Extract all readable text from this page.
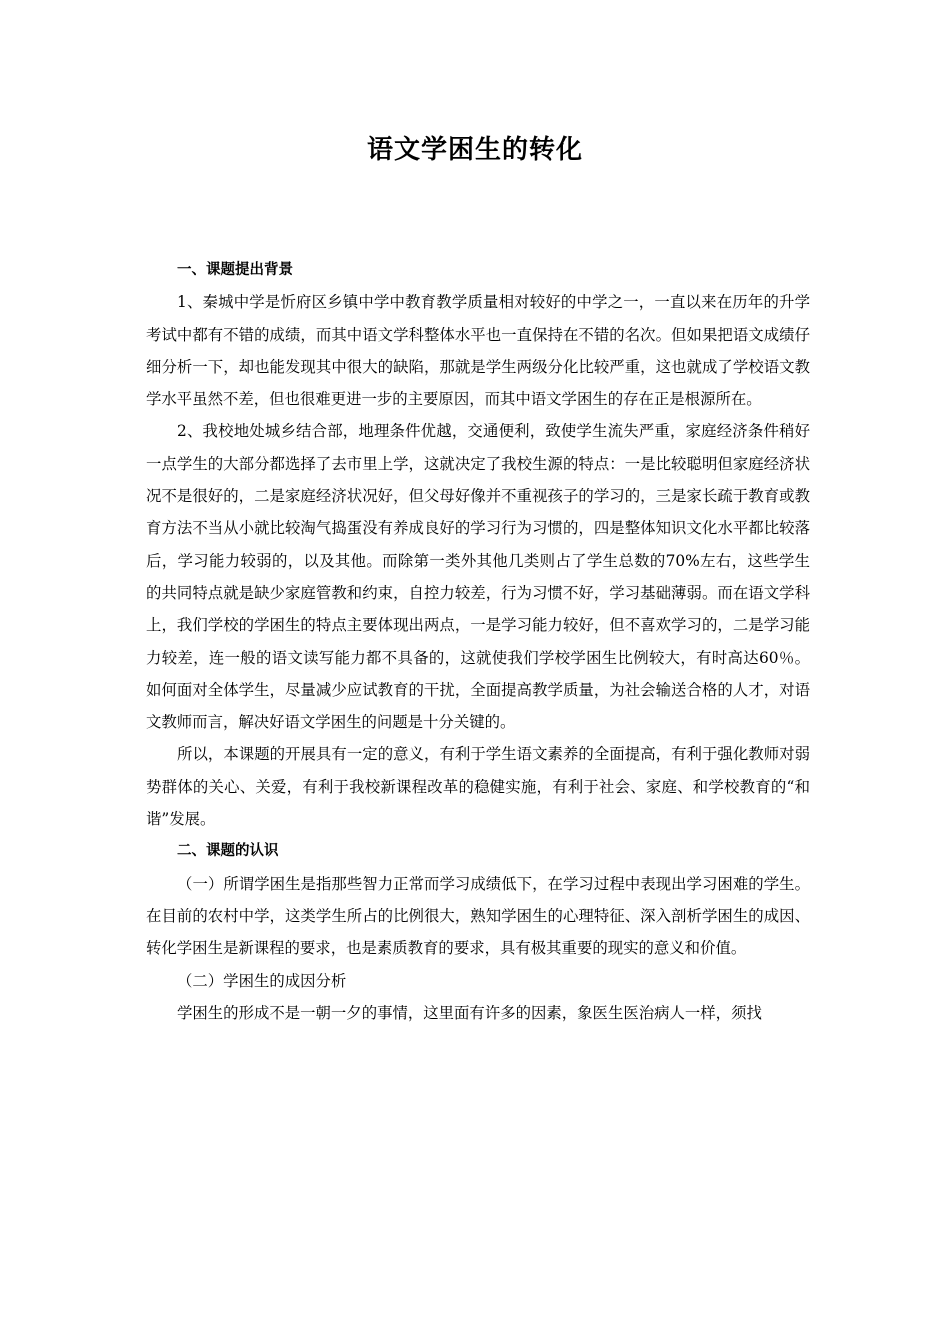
语文学困生的转化

一、课题提出背景

1、秦城中学是忻府区乡镇中学中教育教学质量相对较好的中学之一，一直以来在历年的升学考试中都有不错的成绩，而其中语文学科整体水平也一直保持在不错的名次。但如果把语文成绩仔细分析一下，却也能发现其中很大的缺陷，那就是学生两级分化比较严重，这也就成了学校语文教学水平虽然不差，但也很难更进一步的主要原因，而其中语文学困生的存在正是根源所在。

2、我校地处城乡结合部，地理条件优越，交通便利，致使学生流失严重，家庭经济条件稍好一点学生的大部分都选择了去市里上学，这就决定了我校生源的特点：一是比较聪明但家庭经济状况不是很好的，二是家庭经济状况好，但父母好像并不重视孩子的学习的，三是家长疏于教育或教育方法不当从小就比较淘气捣蛋没有养成良好的学习行为习惯的，四是整体知识文化水平都比较落后，学习能力较弱的，以及其他。而除第一类外其他几类则占了学生总数的70%左右，这些学生的共同特点就是缺少家庭管教和约束，自控力较差，行为习惯不好，学习基础薄弱。而在语文学科上，我们学校的学困生的特点主要体现出两点，一是学习能力较好，但不喜欢学习的，二是学习能力较差，连一般的语文读写能力都不具备的，这就使我们学校学困生比例较大，有时高达60％。如何面对全体学生，尽量减少应试教育的干扰，全面提高教学质量，为社会输送合格的人才，对语文教师而言，解决好语文学困生的问题是十分关键的。

所以，本课题的开展具有一定的意义，有利于学生语文素养的全面提高，有利于强化教师对弱势群体的关心、关爱，有利于我校新课程改革的稳健实施，有利于社会、家庭、和学校教育的“和谐”发展。

二、课题的认识

（一）所谓学困生是指那些智力正常而学习成绩低下，在学习过程中表现出学习困难的学生。在目前的农村中学，这类学生所占的比例很大，熟知学困生的心理特征、深入剖析学困生的成因、转化学困生是新课程的要求，也是素质教育的要求，具有极其重要的现实的意义和价值。

（二）学困生的成因分析

学困生的形成不是一朝一夕的事情，这里面有许多的因素，象医生医治病人一样，须找
